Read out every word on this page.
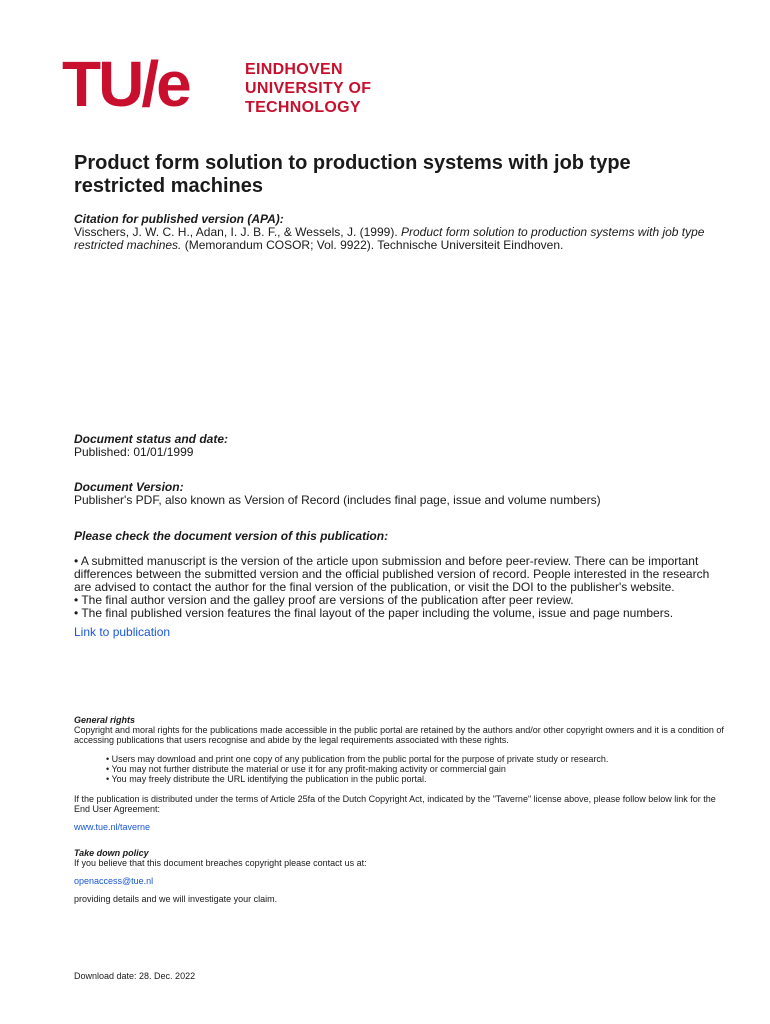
TU/e	EINDHOVEN
UNIVERSITY OF
TECHNOLOGY
Product form solution to production systems with job type
restricted machines
Citation for published version (APA):
Visschers, J. W. C. H., Adan, I. J. B. F., & Wessels, J. (1999). Product form solution to production systems with job type restricted machines. (Memorandum COSOR; Vol. 9922). Technische Universiteit Eindhoven.
Document status and date:
Published: 01/01/1999
Document Version:
Publisher's PDF, also known as Version of Record (includes final page, issue and volume numbers)
Please check the document version of this publication:

• A submitted manuscript is the version of the article upon submission and before peer-review. There can be important differences between the submitted version and the official published version of record. People interested in the research are advised to contact the author for the final version of the publication, or visit the DOI to the publisher's website.

• The final author version and the galley proof are versions of the publication after peer review.

• The final published version features the final layout of the paper including the volume, issue and page numbers.

Link to publication
General rights
Copyright and moral rights for the publications made accessible in the public portal are retained by the authors and/or other copyright owners and it is a condition of accessing publications that users recognise and abide by the legal requirements associated with these rights.
• Users may download and print one copy of any publication from the public portal for the purpose of private study or research.
• You may not further distribute the material or use it for any profit-making activity or commercial gain
• You may freely distribute the URL identifying the publication in the public portal.
If the publication is distributed under the terms of Article 25fa of the Dutch Copyright Act, indicated by the "Taverne" license above, please follow below link for the End User Agreement:
www.tue.nl/taverne
Take down policy
If you believe that this document breaches copyright please contact us at:
openaccess@tue.nl
providing details and we will investigate your claim.
Download date: 28. Dec. 2022
